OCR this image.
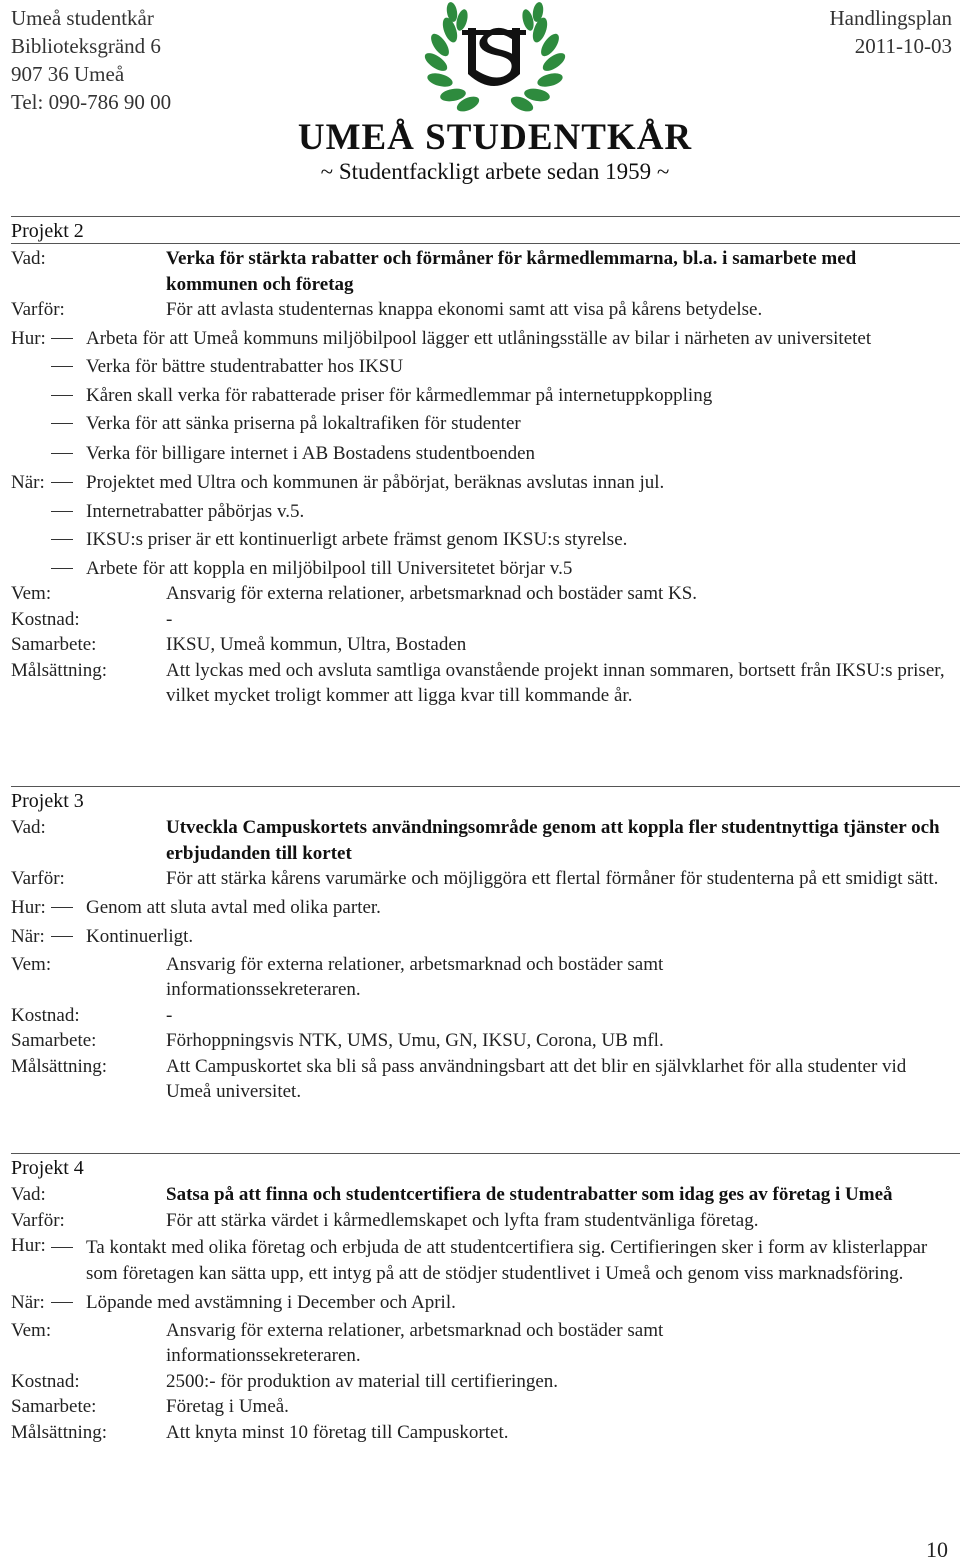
Umeå studentkår
Biblioteksgränd 6
907 36 Umeå
Tel: 090-786 90 00
Handlingsplan
2011-10-03
UMEÅ STUDENTKÅR
~ Studentfackligt arbete sedan 1959 ~
Projekt 2
Vad:	Verka för stärkta rabatter och förmåner för kårmedlemmarna, bl.a. i samarbete med kommunen och företag
Varför:	För att avlasta studenternas knappa ekonomi samt att visa på kårens betydelse.
Hur:	Arbeta för att Umeå kommuns miljöbilpool lägger ett utlåningsställe av bilar i närheten av universitetet
Verka för bättre studentrabatter hos IKSU
Kåren skall verka för rabatterade priser för kårmedlemmar på internetuppkoppling
Verka för att sänka priserna på lokaltrafiken för studenter
Verka för billigare internet i AB Bostadens studentboenden
När:	Projektet med Ultra och kommunen är påbörjat, beräknas avslutas innan jul.
Internetrabatter påbörjas v.5.
IKSU:s priser är ett kontinuerligt arbete främst genom IKSU:s styrelse.
Arbete för att koppla en miljöbilpool till Universitetet börjar v.5
Vem:	Ansvarig för externa relationer, arbetsmarknad och bostäder samt KS.
Kostnad:	-
Samarbete:	IKSU, Umeå kommun, Ultra, Bostaden
Målsättning:	Att lyckas med och avsluta samtliga ovanstående projekt innan sommaren, bortsett från IKSU:s priser, vilket mycket troligt kommer att ligga kvar till kommande år.
Projekt 3
Vad:	Utveckla Campuskortets användningsområde genom att koppla fler studentnyttiga tjänster och erbjudanden till kortet
Varför:	För att stärka kårens varumärke och möjliggöra ett flertal förmåner för studenterna på ett smidigt sätt.
Hur:	Genom att sluta avtal med olika parter.
När:	Kontinuerligt.
Vem:	Ansvarig för externa relationer, arbetsmarknad och bostäder samt informationssekreteraren.
Kostnad:	-
Samarbete:	Förhoppningsvis NTK, UMS, Umu, GN, IKSU, Corona, UB mfl.
Målsättning:	Att Campuskortet ska bli så pass användningsbart att det blir en självklarhet för alla studenter vid Umeå universitet.
Projekt 4
Vad:	Satsa på att finna och studentcertifiera de studentrabatter som idag ges av företag i Umeå
Varför:	För att stärka värdet i kårmedlemskapet och lyfta fram studentvänliga företag.
Hur:	Ta kontakt med olika företag och erbjuda de att studentcertifiera sig. Certifieringen sker i form av klisterlappar som företagen kan sätta upp, ett intyg på att de stödjer studentlivet i Umeå och genom viss marknadsföring.
När:	Löpande med avstämning i December och April.
Vem:	Ansvarig för externa relationer, arbetsmarknad och bostäder samt informationssekreteraren.
Kostnad:	2500:- för produktion av material till certifieringen.
Samarbete:	Företag i Umeå.
Målsättning:	Att knyta minst 10 företag till Campuskortet.
10
